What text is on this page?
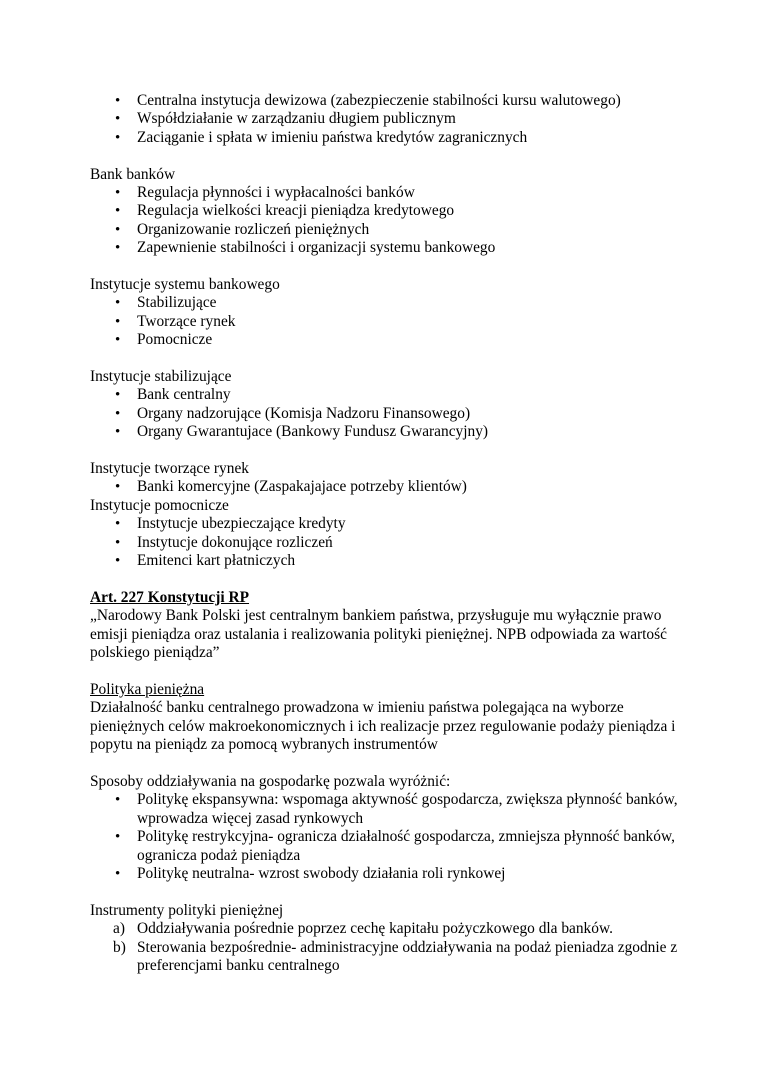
• Centralna instytucja dewizowa (zabezpieczenie stabilności kursu walutowego)
• Współdziałanie w zarządzaniu długiem publicznym
• Zaciąganie i spłata w imieniu państwa kredytów zagranicznych

Bank banków

• Regulacja płynności i wypłacalności banków
• Regulacja wielkości kreacji pieniądza kredytowego
• Organizowanie rozliczeń pieniężnych
• Zapewnienie stabilności i organizacji systemu bankowego

Instytucje systemu bankowego

• Stabilizujące
• Tworzące rynek
• Pomocnicze

Instytucje stabilizujące

• Bank centralny
• Organy nadzorujące (Komisja Nadzoru Finansowego)
• Organy Gwarantujace (Bankowy Fundusz Gwarancyjny)

Instytucje tworzące rynek

• Banki komercyjne (Zaspakajajace potrzeby klientów)

Instytucje pomocnicze

• Instytucje ubezpieczające kredyty
• Instytucje dokonujące rozliczeń
• Emitenci kart płatniczych

Art. 227 Konstytucji RP

„Narodowy Bank Polski jest centralnym bankiem państwa, przysługuje mu wyłącznie prawo emisji pieniądza oraz ustalania i realizowania polityki pieniężnej. NPB odpowiada za wartość polskiego pieniądza”

Polityka pieniężna

Działalność banku centralnego prowadzona w imieniu państwa polegająca na wyborze pieniężnych celów makroekonomicznych i ich realizacje przez regulowanie podaży pieniądza i popytu na pieniądz za pomocą wybranych instrumentów

Sposoby oddziaływania na gospodarkę pozwala wyróżnić:

• Politykę ekspansywna: wspomaga aktywność gospodarcza, zwiększa płynność banków, wprowadza więcej zasad rynkowych
• Politykę restrykcyjna- ogranicza działalność gospodarcza, zmniejsza płynność banków, ogranicza podaż pieniądza
• Politykę neutralna- wzrost swobody działania roli rynkowej

Instrumenty polityki pieniężnej

a) Oddziaływania pośrednie poprzez cechę kapitału pożyczkowego dla banków.
b) Sterowania bezpośrednie- administracyjne oddziaływania na podaż pieniadza zgodnie z preferencjami banku centralnego
